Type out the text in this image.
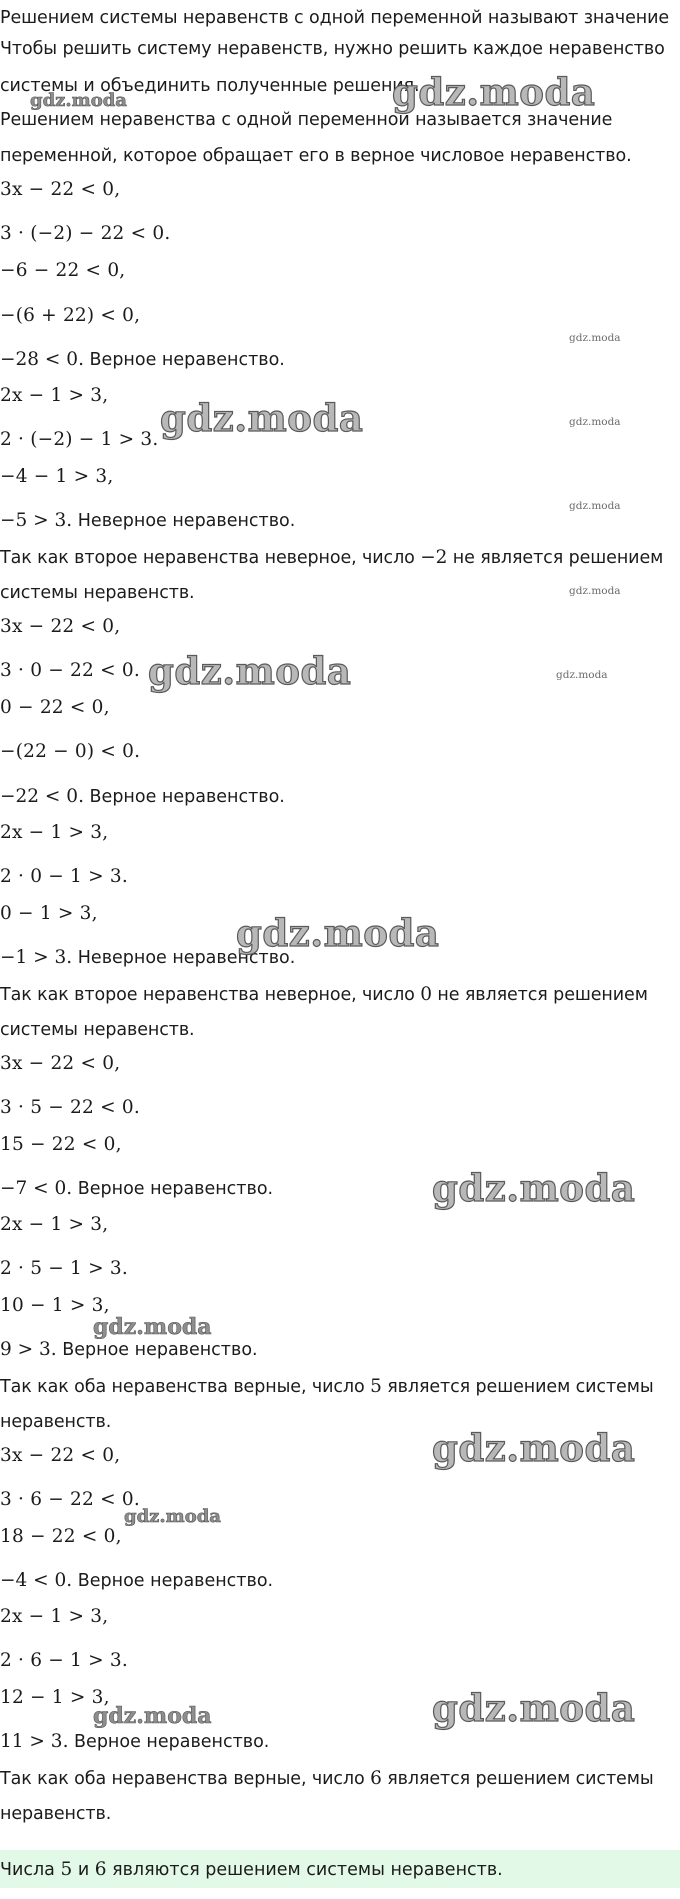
Решением системы неравенств с одной переменной называют значение
Чтобы решить систему неравенств, нужно решить каждое неравенство
системы и объединить полученные решения.
Решением неравенства с одной переменной называется значение
переменной, которое обращает его в верное числовое неравенство.
3x − 22 < 0,
3 · (−2) − 22 < 0.
−6 − 22 < 0,
−(6 + 22) < 0,
−28 < 0. Верное неравенство.
2x − 1 > 3,
2 · (−2) − 1 > 3.
−4 − 1 > 3,
−5 > 3. Неверное неравенство.
Так как второе неравенства неверное, число −2 не является решением
системы неравенств.
3x − 22 < 0,
3 · 0 − 22 < 0.
0 − 22 < 0,
−(22 − 0) < 0.
−22 < 0. Верное неравенство.
2x − 1 > 3,
2 · 0 − 1 > 3.
0 − 1 > 3,
−1 > 3. Неверное неравенство.
Так как второе неравенства неверное, число 0 не является решением
системы неравенств.
3x − 22 < 0,
3 · 5 − 22 < 0.
15 − 22 < 0,
−7 < 0. Верное неравенство.
2x − 1 > 3,
2 · 5 − 1 > 3.
10 − 1 > 3,
9 > 3. Верное неравенство.
Так как оба неравенства верные, число 5 является решением системы
неравенств.
3x − 22 < 0,
3 · 6 − 22 < 0.
18 − 22 < 0,
−4 < 0. Верное неравенство.
2x − 1 > 3,
2 · 6 − 1 > 3.
12 − 1 > 3,
11 > 3. Верное неравенство.
Числа 5 и 6 являются решением системы неравенств.
Так как оба неравенства верные, число 6 является решением системы
неравенств.
gdz.moda
gdz.moda
gdz.moda
gdz.moda	gdz.moda
gdz.moda
gdz.moda
gdz.moda	gdz.moda
gdz.moda
gdz.moda
gdz.moda
gdz.moda
gdz.moda
gdz.moda
gdz.moda
